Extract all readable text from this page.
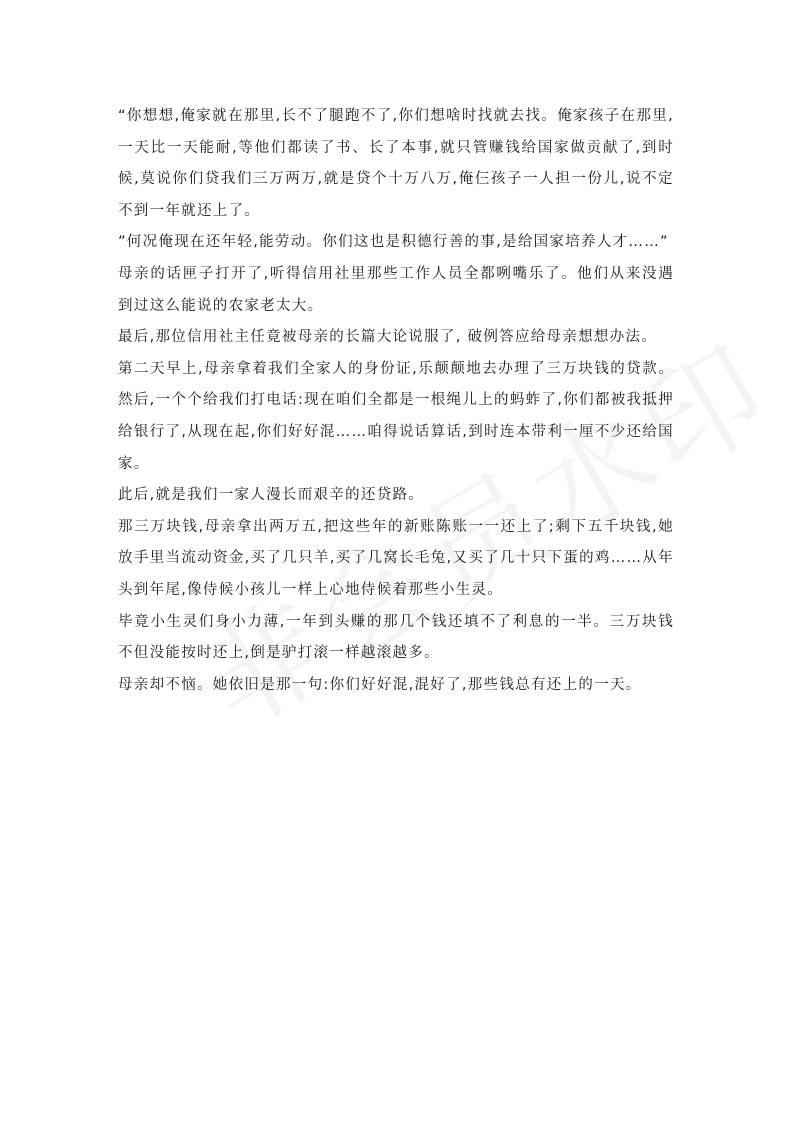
“你想想,俺家就在那里,长不了腿跑不了,你们想啥时找就去找。俺家孩子在那里,一天比一天能耐,等他们都读了书、长了本事,就只管赚钱给国家做贡献了,到时候,莫说你们贷我们三万两万,就是贷个十万八万,俺仨孩子一人担一份儿,说不定不到一年就还上了。

”何况俺现在还年轻,能劳动。你们这也是积德行善的事,是给国家培养人才……”

母亲的话匣子打开了,听得信用社里那些工作人员全都咧嘴乐了。他们从来没遇到过这么能说的农家老太大。

最后,那位信用社主任竟被母亲的长篇大论说服了, 破例答应给母亲想想办法。

第二天早上,母亲拿着我们全家人的身份证,乐颠颠地去办理了三万块钱的贷款。然后,一个个给我们打电话:现在咱们全都是一根绳儿上的蚂蚱了,你们都被我抵押给银行了,从现在起,你们好好混……咱得说话算话,到时连本带利一厘不少还给国家。

此后,就是我们一家人漫长而艰辛的还贷路。

那三万块钱,母亲拿出两万五,把这些年的新账陈账一一还上了;剩下五千块钱,她放手里当流动资金,买了几只羊,买了几窝长毛兔,又买了几十只下蛋的鸡……从年头到年尾,像侍候小孩儿一样上心地侍候着那些小生灵。

毕竟小生灵们身小力薄,一年到头赚的那几个钱还填不了利息的一半。三万块钱不但没能按时还上,倒是驴打滚一样越滚越多。

母亲却不恼。她依旧是那一句:你们好好混,混好了,那些钱总有还上的一天。
